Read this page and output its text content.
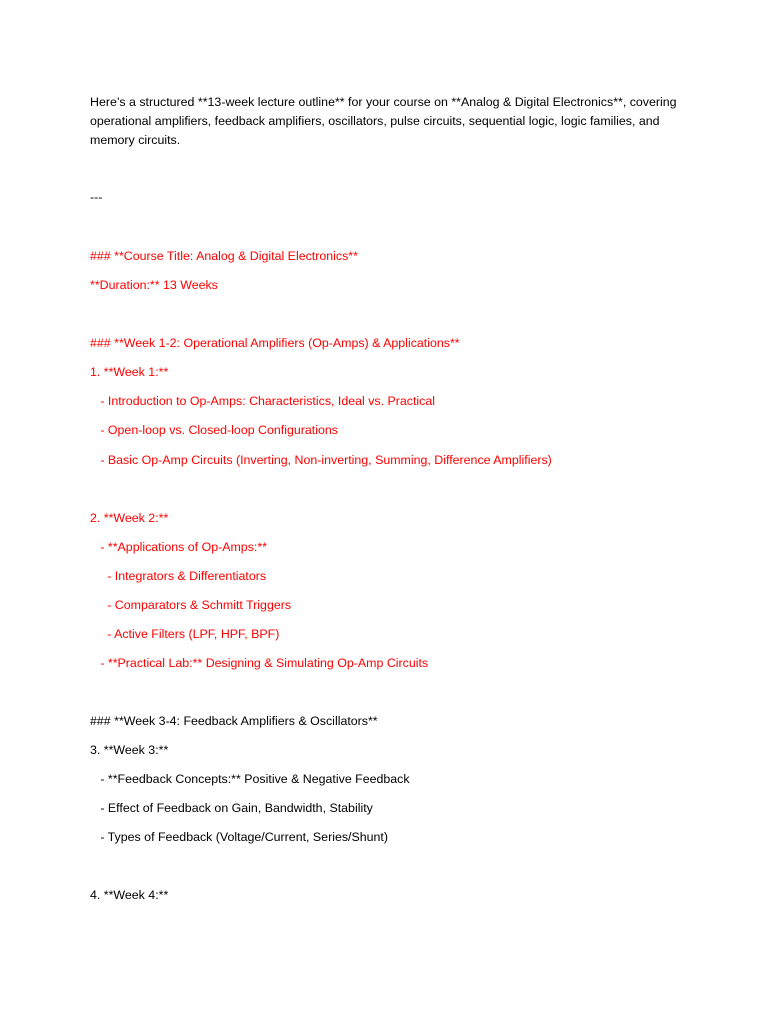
Here’s a structured **13-week lecture outline** for your course on **Analog & Digital Electronics**, covering operational amplifiers, feedback amplifiers, oscillators, pulse circuits, sequential logic, logic families, and memory circuits.

---

### **Course Title: Analog & Digital Electronics**

**Duration:** 13 Weeks

### **Week 1-2: Operational Amplifiers (Op-Amps) & Applications**

1. **Week 1:**

- Introduction to Op-Amps: Characteristics, Ideal vs. Practical

- Open-loop vs. Closed-loop Configurations

- Basic Op-Amp Circuits (Inverting, Non-inverting, Summing, Difference Amplifiers)

2. **Week 2:**

- **Applications of Op-Amps:**

- Integrators & Differentiators

- Comparators & Schmitt Triggers

- Active Filters (LPF, HPF, BPF)

- **Practical Lab:** Designing & Simulating Op-Amp Circuits

### **Week 3-4: Feedback Amplifiers & Oscillators**

3. **Week 3:**

- **Feedback Concepts:** Positive & Negative Feedback

- Effect of Feedback on Gain, Bandwidth, Stability

- Types of Feedback (Voltage/Current, Series/Shunt)

4. **Week 4:**
